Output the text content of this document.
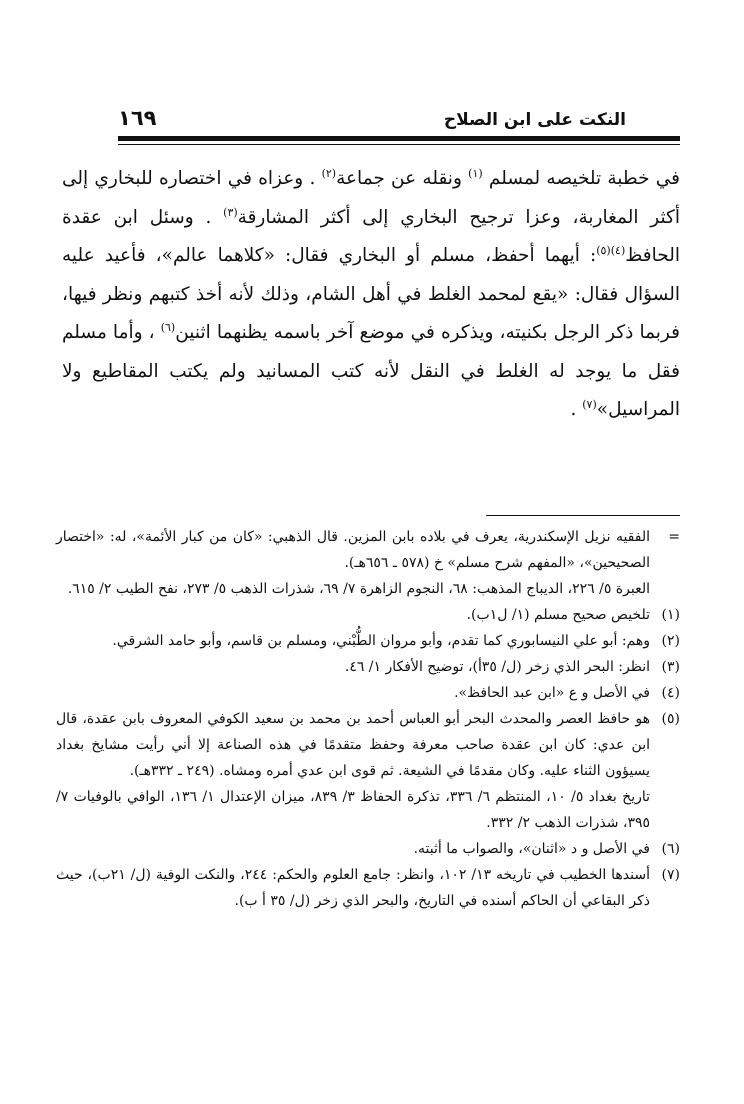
النكت على ابن الصلاح
١٦٩

في خطبة تلخيصه لمسلم $^{(١)}$ ونقله عن جماعة$^{(٢)}$ . وعزاه في اختصاره للبخاري إلى أكثر المغاربة، وعزا ترجيح البخاري إلى أكثر المشارقة$^{(٣)}$ . وسئل ابن عقدة الحافظ$^{(٤)(٥)}$: أيهما أحفظ، مسلم أو البخاري فقال: «كلاهما عالم»، فأعيد عليه السؤال فقال: «يقع لمحمد الغلط في أهل الشام، وذلك لأنه أخذ كتبهم ونظر فيها، فربما ذكر الرجل بكنيته، ويذكره في موضع آخر باسمه يظنهما اثنين$^{(٦)}$ ، وأما مسلم فقل ما يوجد له الغلط في النقل لأنه كتب المسانيد ولم يكتب المقاطيع ولا المراسيل»$^{(٧)}$ .

=

الفقيه نزيل الإسكندرية، يعرف في بلاده بابن المزين. قال الذهبي: «كان من كبار الأئمة»، له: «اختصار الصحيحين»، «المفهم شرح مسلم» خ (٥٧٨ ـ ٦٥٦هـ).

العبرة ٥/ ٢٢٦، الديباج المذهب: ٦٨، النجوم الزاهرة ٧/ ٦٩، شذرات الذهب ٥/ ٢٧٣، نفح الطيب ٢/ ٦١٥.

(١)

تلخيص صحيح مسلم (١/ ل١ب).

(٢)

وهم: أبو علي النيسابوري كما تقدم، وأبو مروان الطُّبْني، ومسلم بن قاسم، وأبو حامد الشرقي.

(٣)

انظر: البحر الذي زخر (ل/ ٣٥أ)، توضيح الأفكار ١/ ٤٦.

(٤)

في الأصل و ع «ابن عبد الحافظ».

(٥)

هو حافظ العصر والمحدث البحر أبو العباس أحمد بن محمد بن سعيد الكوفي المعروف بابن عقدة، قال ابن عدي: كان ابن عقدة صاحب معرفة وحفظ متقدمًا في هذه الصناعة إلا أني رأيت مشايخ بغداد يسيؤون الثناء عليه. وكان مقدمًا في الشيعة. ثم قوى ابن عدي أمره ومشاه. (٢٤٩ ـ ٣٣٢هـ).

تاريخ بغداد ٥/ ١٠، المنتظم ٦/ ٣٣٦، تذكرة الحفاظ ٣/ ٨٣٩، ميزان الإعتدال ١/ ١٣٦، الوافي بالوفيات ٧/ ٣٩٥، شذرات الذهب ٢/ ٣٣٢.

(٦)

في الأصل و د «اثنان»، والصواب ما أثبته.

(٧)

أسندها الخطيب في تاريخه ١٣/ ١٠٢، وانظر: جامع العلوم والحكم: ٢٤٤، والنكت الوفية (ل/ ٢١ب)، حيث ذكر البقاعي أن الحاكم أسنده في التاريخ، والبحر الذي زخر (ل/ ٣٥ أ ب).
